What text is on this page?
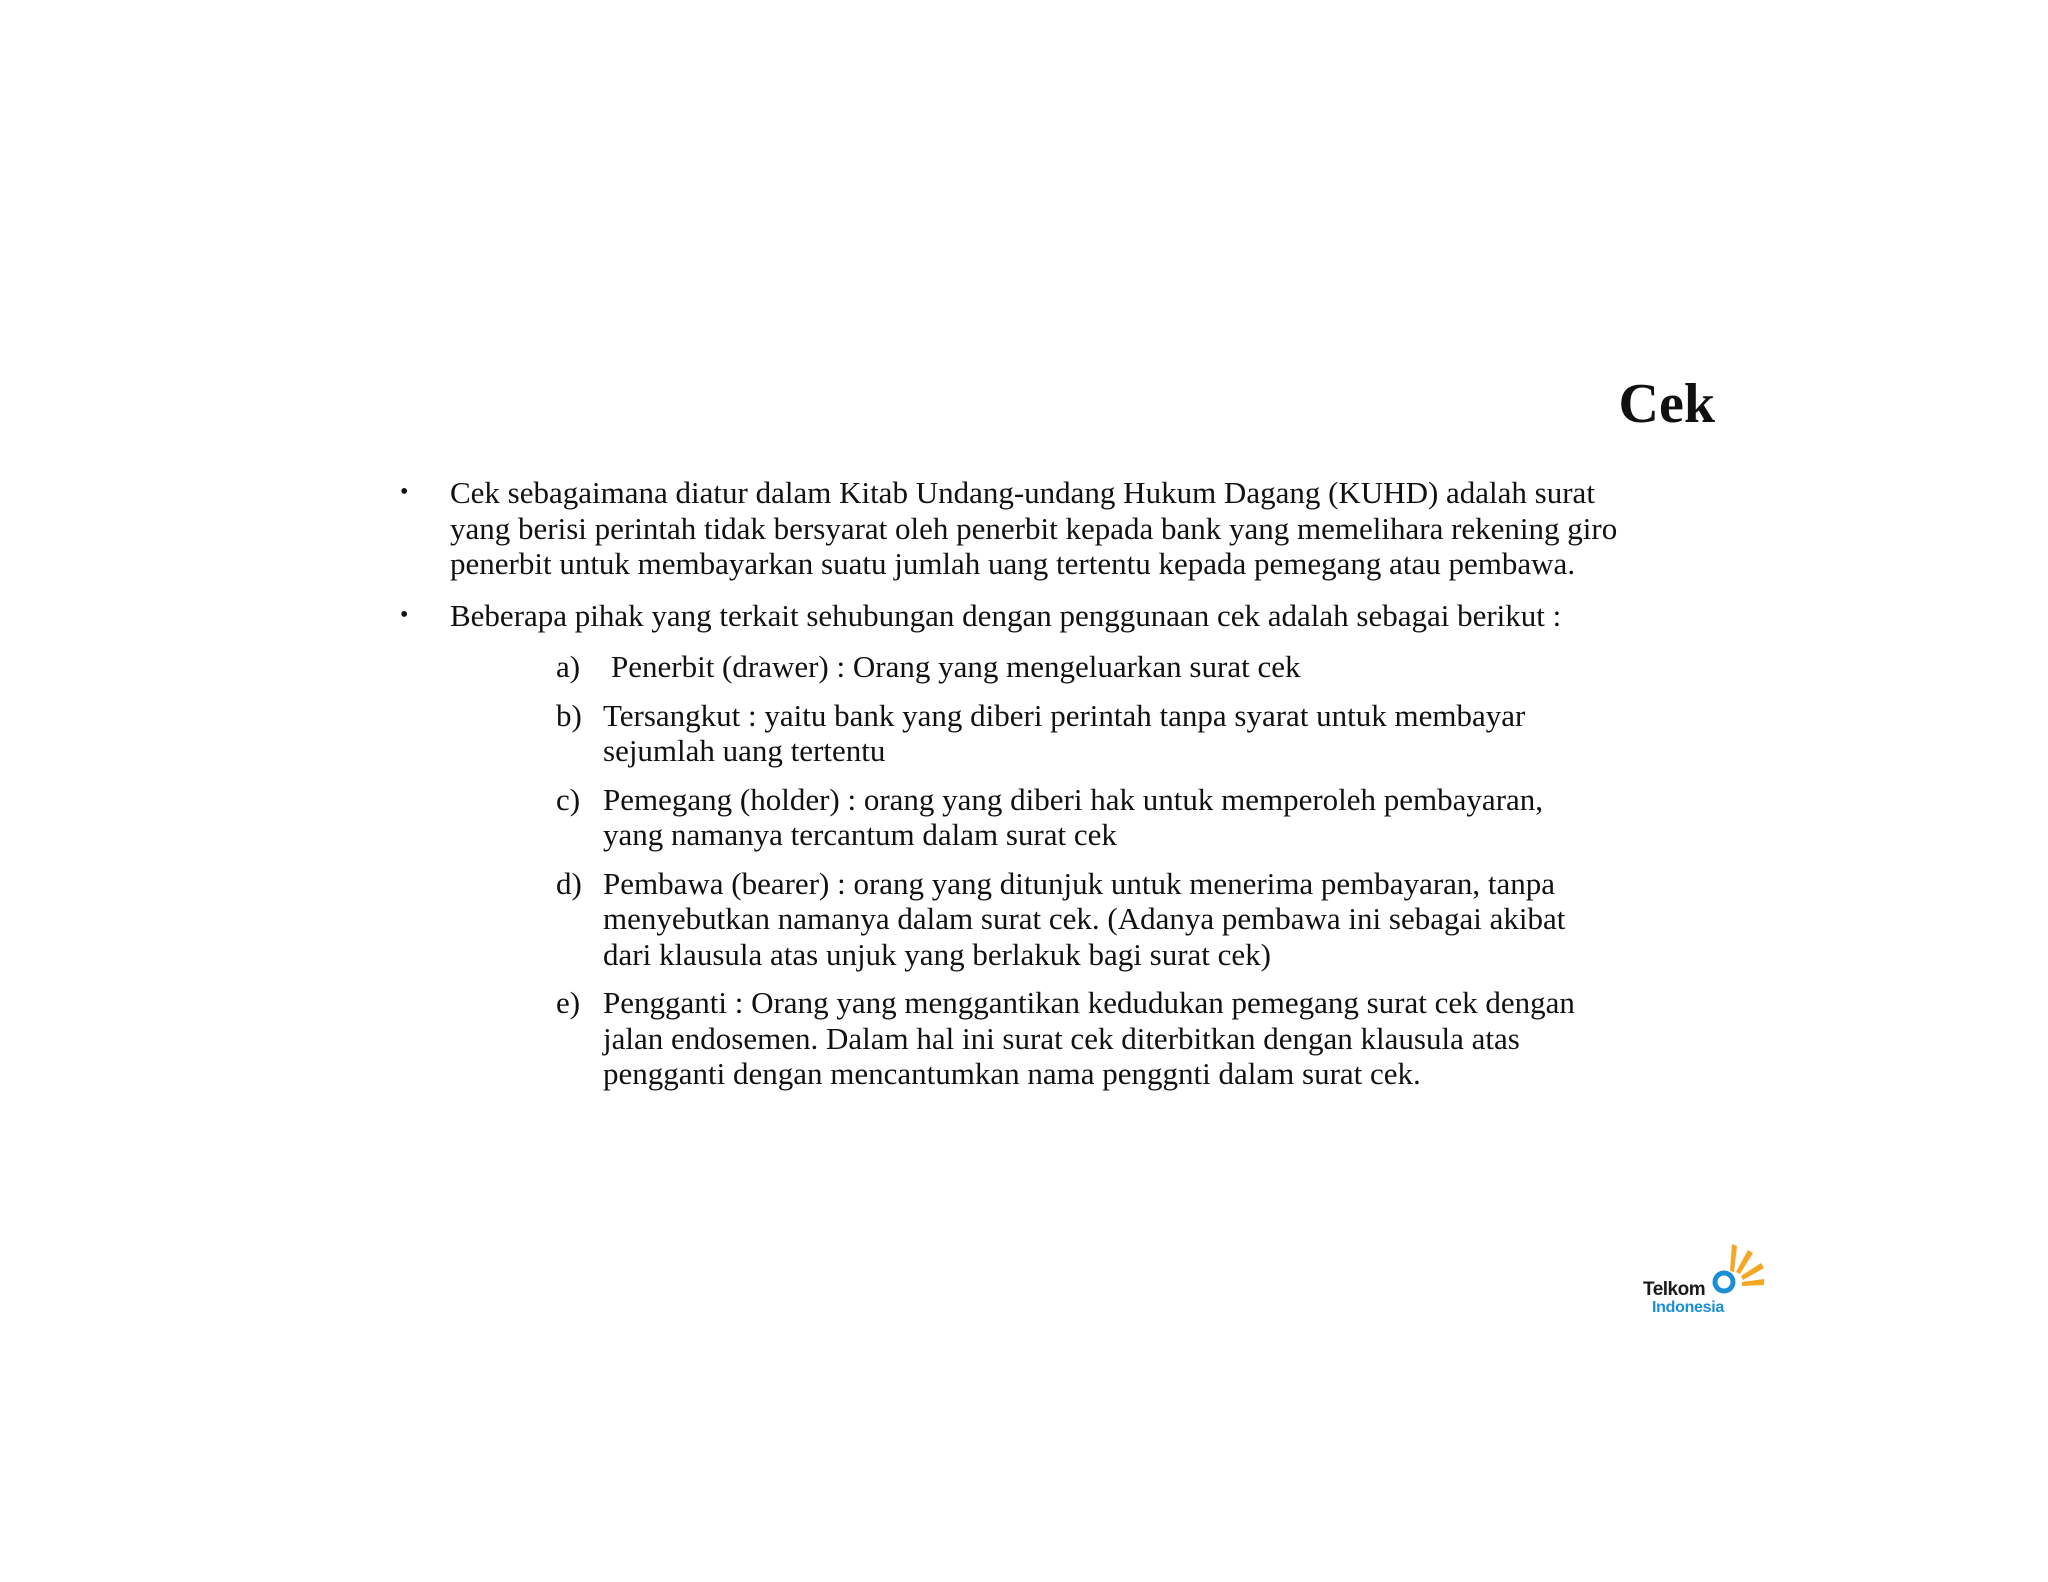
Cek
•	Cek sebagaimana diatur dalam Kitab Undang-undang Hukum Dagang (KUHD) adalah surat yang berisi perintah tidak bersyarat oleh penerbit kepada bank yang memelihara rekening giro penerbit untuk membayarkan suatu jumlah uang tertentu kepada pemegang atau pembawa.
•	Beberapa pihak yang terkait sehubungan dengan penggunaan cek adalah sebagai berikut :
a) Penerbit (drawer) : Orang yang mengeluarkan surat cek
b) Tersangkut : yaitu bank yang diberi perintah tanpa syarat untuk membayar sejumlah uang tertentu
c) Pemegang (holder) : orang yang diberi hak untuk memperoleh pembayaran, yang namanya tercantum dalam surat cek
d) Pembawa (bearer) : orang yang ditunjuk untuk menerima pembayaran, tanpa menyebutkan namanya dalam surat cek. (Adanya pembawa ini sebagai akibat dari klausula atas unjuk yang berlakuk bagi surat cek)
e) Pengganti : Orang yang menggantikan kedudukan pemegang surat cek dengan jalan endosemen. Dalam hal ini surat cek diterbitkan dengan klausula atas pengganti dengan mencantumkan nama penggnti dalam surat cek.
Telkom
Indonesia
